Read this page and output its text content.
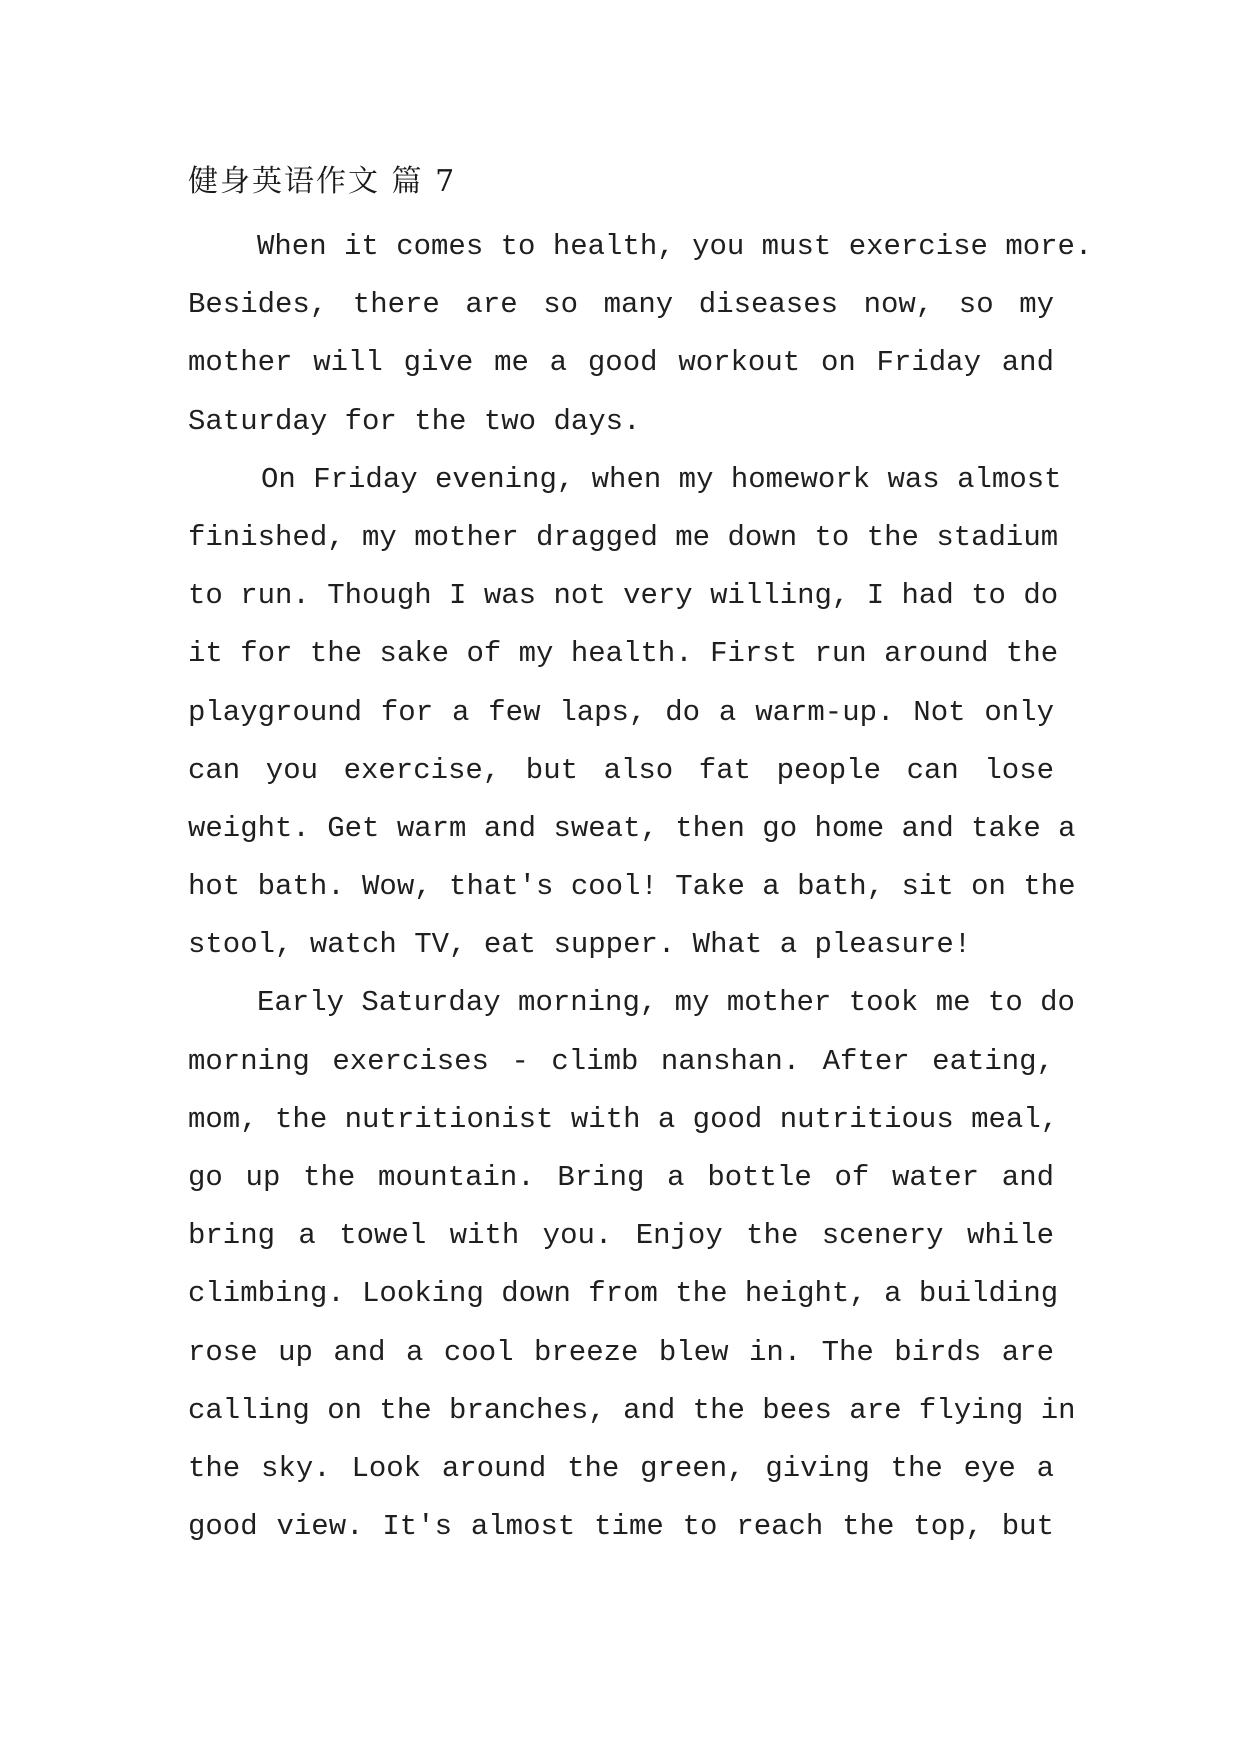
健身英语作文 篇 7
When it comes to health, you must exercise more.
Besides, there are so many diseases now, so my
mother will give me a good workout on Friday and
Saturday for the two days.
On Friday evening, when my homework was almost
finished, my mother dragged me down to the stadium
to run. Though I was not very willing, I had to do
it for the sake of my health. First run around the
playground for a few laps, do a warm-up. Not only
can you exercise, but also fat people can lose
weight. Get warm and sweat, then go home and take a
hot bath. Wow, that's cool! Take a bath, sit on the
stool, watch TV, eat supper. What a pleasure!
Early Saturday morning, my mother took me to do
morning exercises - climb nanshan. After eating,
mom, the nutritionist with a good nutritious meal,
go up the mountain. Bring a bottle of water and
bring a towel with you. Enjoy the scenery while
climbing. Looking down from the height, a building
rose up and a cool breeze blew in. The birds are
calling on the branches, and the bees are flying in
the sky. Look around the green, giving the eye a
good view. It's almost time to reach the top, but
